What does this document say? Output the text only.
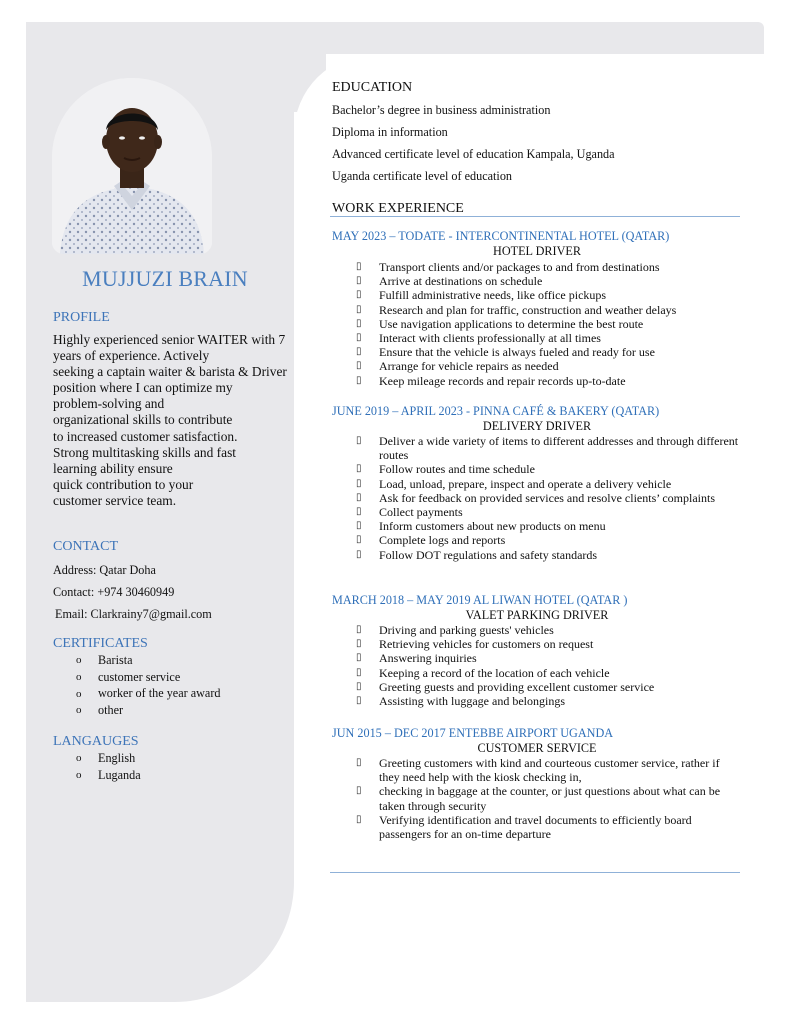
MUJJUZI BRAIN
PROFILE
Highly experienced senior WAITER with 7
years of experience. Actively
seeking a captain waiter & barista & Driver
position where I can optimize my
problem-solving and
organizational skills to contribute
to increased customer satisfaction.
Strong multitasking skills and fast
learning ability ensure
quick contribution to your
customer service team.
CONTACT
Address: Qatar Doha
Contact: +974 30460949
Email: Clarkrainy7@gmail.com
CERTIFICATES
o	Barista
o	customer service
o	worker of the year award
o	other
LANGAUGES
o	English
o	Luganda
EDUCATION
Bachelor’s degree in business administration
Diploma in information
Advanced certificate level of education Kampala, Uganda
Uganda certificate level of education
WORK EXPERIENCE
MAY 2023 – TODATE - INTERCONTINENTAL HOTEL (QATAR)
HOTEL DRIVER
▯	Transport clients and/or packages to and from destinations
▯	Arrive at destinations on schedule
▯	Fulfill administrative needs, like office pickups
▯	Research and plan for traffic, construction and weather delays
▯	Use navigation applications to determine the best route
▯	Interact with clients professionally at all times
▯	Ensure that the vehicle is always fueled and ready for use
▯	Arrange for vehicle repairs as needed
▯	Keep mileage records and repair records up-to-date
JUNE 2019 – APRIL 2023 - PINNA CAFÉ & BAKERY (QATAR)
DELIVERY DRIVER
▯	Deliver a wide variety of items to different addresses and through different routes
▯	Follow routes and time schedule
▯	Load, unload, prepare, inspect and operate a delivery vehicle
▯	Ask for feedback on provided services and resolve clients’ complaints
▯	Collect payments
▯	Inform customers about new products on menu
▯	Complete logs and reports
▯	Follow DOT regulations and safety standards
MARCH 2018 – MAY 2019 AL LIWAN HOTEL (QATAR )
VALET PARKING DRIVER
▯	Driving and parking guests' vehicles
▯	Retrieving vehicles for customers on request
▯	Answering inquiries
▯	Keeping a record of the location of each vehicle
▯	Greeting guests and providing excellent customer service
▯	Assisting with luggage and belongings
JUN 2015 – DEC 2017 ENTEBBE AIRPORT UGANDA
CUSTOMER SERVICE
▯	Greeting customers with kind and courteous customer service, rather if they need help with the kiosk checking in,
▯	checking in baggage at the counter, or just questions about what can be taken through security
▯	Verifying identification and travel documents to efficiently board passengers for an on-time departure
